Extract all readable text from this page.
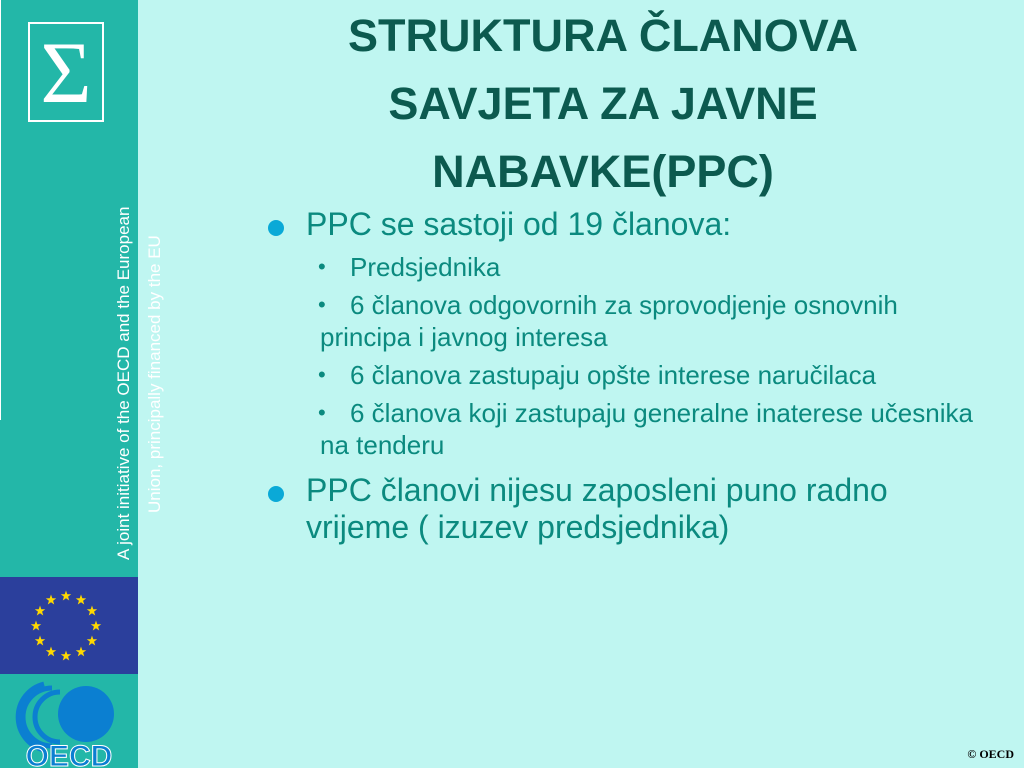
Σ
A joint initiative of the OECD and the European Union, principally financed by the EU
OECD
STRUKTURA ČLANOVA SAVJETA ZA JAVNE NABAVKE(PPC)

PPC se sastoji od 19 članova:

• Predsjednika
• 6 članova odgovornih za sprovodjenje osnovnih principa i javnog interesa
• 6 članova zastupaju opšte interese naručilaca
• 6 članova koji zastupaju generalne inaterese učesnika na tenderu

PPC članovi nijesu zaposleni puno radno vrijeme ( izuzev predsjednika)

© OECD
